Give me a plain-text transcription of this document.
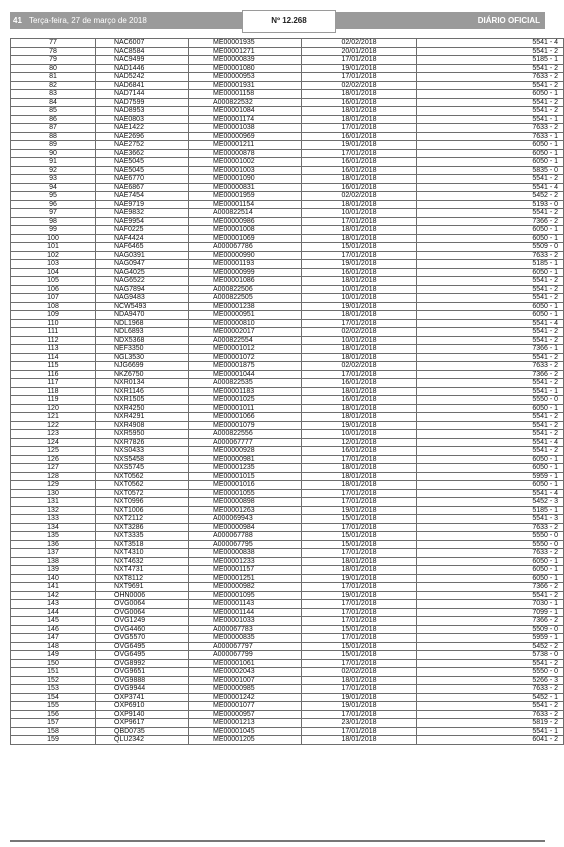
41 Terça-feira, 27 de março de 2018	Nº 12.268	DIÁRIO OFICIAL
77	NAC6007	ME00001935	02/02/2018	5541 - 4
78	NAC8584	ME00001271	20/01/2018	5541 - 2
79	NAC9499	ME00000839	17/01/2018	5185 - 1
80	NAD1446	ME00001080	19/01/2018	5541 - 2
81	NAD5242	ME00000953	17/01/2018	7633 - 2
82	NAD6841	ME00001931	02/02/2018	5541 - 2
83	NAD7144	ME00001158	18/01/2018	6050 - 1
84	NAD7599	A000822532	16/01/2018	5541 - 2
85	NAD8953	ME00001084	18/01/2018	5541 - 2
86	NAE0803	ME00001174	18/01/2018	5541 - 1
87	NAE1422	ME00001038	17/01/2018	7633 - 2
88	NAE2696	ME00000969	16/01/2018	7633 - 1
89	NAE2752	ME00001211	19/01/2018	6050 - 1
90	NAE3662	ME00000878	17/01/2018	6050 - 1
91	NAE5045	ME00001002	16/01/2018	6050 - 1
92	NAE5045	ME00001003	16/01/2018	5835 - 0
93	NAE6770	ME00001090	18/01/2018	5541 - 2
94	NAE6867	ME00000831	16/01/2018	5541 - 4
95	NAE7454	ME00001959	02/02/2018	5452 - 2
96	NAE9719	ME00001154	18/01/2018	5193 - 0
97	NAE9832	A000822514	10/01/2018	5541 - 2
98	NAE9954	ME00000986	17/01/2018	7366 - 2
99	NAF0225	ME00001008	18/01/2018	6050 - 1
100	NAF4424	ME00001069	18/01/2018	6050 - 1
101	NAF6465	A000067786	15/01/2018	5509 - 0
102	NAG0391	ME00000990	17/01/2018	7633 - 2
103	NAG0947	ME00001193	19/01/2018	5185 - 1
104	NAG4025	ME00000999	16/01/2018	6050 - 1
105	NAG6522	ME00001086	18/01/2018	5541 - 2
106	NAG7894	A000822506	10/01/2018	5541 - 2
107	NAG9483	A000822505	10/01/2018	5541 - 2
108	NCW5493	ME00001238	19/01/2018	6050 - 1
109	NDA9470	ME00000951	18/01/2018	6050 - 1
110	NDL1968	ME00000810	17/01/2018	5541 - 4
111	NDL6893	ME00002017	02/02/2018	5541 - 2
112	NDX5368	A000822554	10/01/2018	5541 - 2
113	NEF3350	ME00001012	18/01/2018	7366 - 1
114	NGL3530	ME00001072	18/01/2018	5541 - 2
115	NJG6699	ME00001875	02/02/2018	7633 - 2
116	NKZ6750	ME00001044	17/01/2018	7366 - 2
117	NXR0134	A000822535	16/01/2018	5541 - 2
118	NXR1146	ME00001183	18/01/2018	5541 - 1
119	NXR1505	ME00001025	16/01/2018	5550 - 0
120	NXR4250	ME00001011	18/01/2018	6050 - 1
121	NXR4291	ME00001066	18/01/2018	5541 - 2
122	NXR4908	ME00001079	19/01/2018	5541 - 2
123	NXR5950	A000822556	10/01/2018	5541 - 2
124	NXR7826	A000067777	12/01/2018	5541 - 4
125	NXS0433	ME00000928	16/01/2018	5541 - 2
126	NXS5458	ME00000981	17/01/2018	6050 - 1
127	NXS5745	ME00001235	18/01/2018	6050 - 1
128	NXT0562	ME00001015	18/01/2018	5959 - 1
129	NXT0562	ME00001016	18/01/2018	6050 - 1
130	NXT0572	ME00001055	17/01/2018	5541 - 4
131	NXT0996	ME00000898	17/01/2018	5452 - 3
132	NXT1006	ME00001263	19/01/2018	5185 - 1
133	NXT2112	A000069943	15/01/2018	5541 - 3
134	NXT3286	ME00000984	17/01/2018	7633 - 2
135	NXT3335	A000067788	15/01/2018	5550 - 0
136	NXT3518	A000067795	15/01/2018	5550 - 0
137	NXT4310	ME00000838	17/01/2018	7633 - 2
138	NXT4632	ME00001233	18/01/2018	6050 - 1
139	NXT4731	ME00001157	18/01/2018	6050 - 1
140	NXT8112	ME00001251	19/01/2018	6050 - 1
141	NXT9691	ME00000982	17/01/2018	7366 - 2
142	OHN0006	ME00001095	19/01/2018	5541 - 2
143	OVG0064	ME00001143	17/01/2018	7030 - 1
144	OVG0064	ME00001144	17/01/2018	7099 - 1
145	OVG1249	ME00001033	17/01/2018	7366 - 2
146	OVG4460	A000067783	15/01/2018	5509 - 0
147	OVG5570	ME00000835	17/01/2018	5959 - 1
148	OVG6495	A000067797	15/01/2018	5452 - 2
149	OVG6495	A000067799	15/01/2018	5738 - 0
150	OVG8992	ME00001061	17/01/2018	5541 - 2
151	OVG9651	ME00002043	02/02/2018	5550 - 0
152	OVG9888	ME00001007	18/01/2018	5266 - 3
153	OVG9944	ME00000985	17/01/2018	7633 - 2
154	OXP3741	ME00001242	19/01/2018	5452 - 1
155	OXP6910	ME00001077	19/01/2018	5541 - 2
156	OXP9140	ME00000957	17/01/2018	7633 - 2
157	OXP9617	ME00001213	23/01/2018	5819 - 2
158	QBD0735	ME00001045	17/01/2018	5541 - 1
159	QLU2342	ME00001205	18/01/2018	6041 - 2
